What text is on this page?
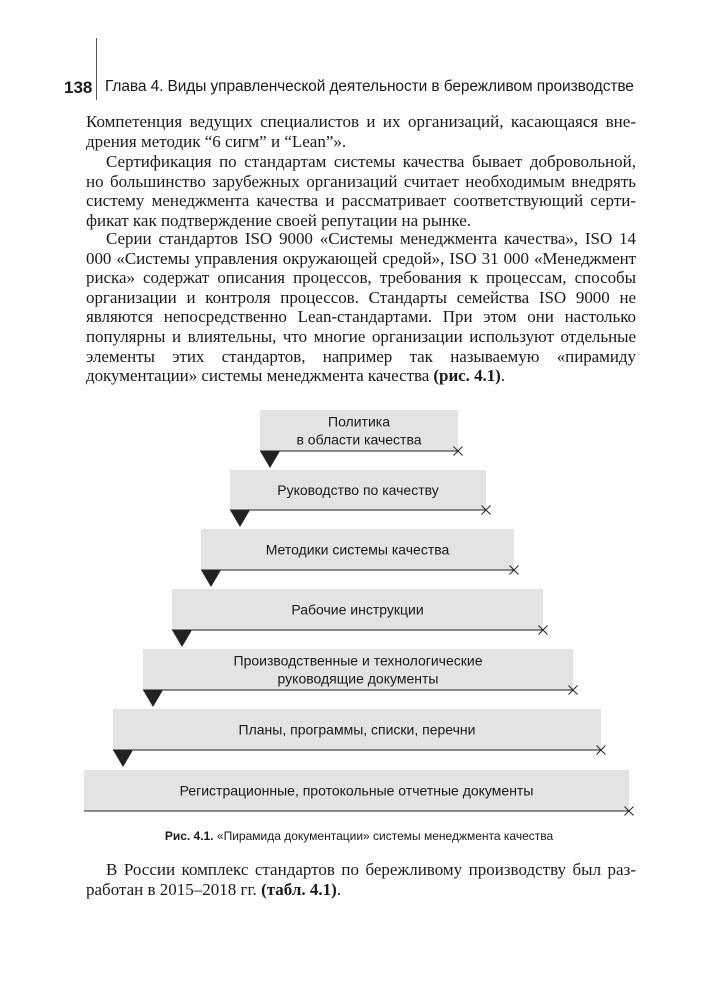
138 Глава 4. Виды управленческой деятельности в бережливом производстве

Компетенция ведущих специалистов и их организаций, касающаяся внедрения методик “6 сигм” и “Lean”».

Сертификация по стандартам системы качества бывает добровольной, но большинство зарубежных организаций считает необходимым внедрять систему менеджмента качества и рассматривает соответствующий сертификат как подтверждение своей репутации на рынке.

Серии стандартов ISO 9000 «Системы менеджмента качества», ISO 14 000 «Системы управления окружающей средой», ISO 31 000 «Менеджмент риска» содержат описания процессов, требования к процессам, способы организации и контроля процессов. Стандарты семейства ISO 9000 не являются непосредственно Lean-стандартами. При этом они настолько популярны и влиятельны, что многие организации используют отдельные элементы этих стандартов, например так называемую «пирамиду документации» системы менеджмента качества (рис. 4.1).

Политика
в области качества
Руководство по качеству
Методики системы качества
Рабочие инструкции
Производственные и технологические
руководящие документы
Планы, программы, списки, перечни
Регистрационные, протокольные отчетные документы
Рис. 4.1. «Пирамида документации» системы менеджмента качества

В России комплекс стандартов по бережливому производству был разработан в 2015–2018 гг. (табл. 4.1).
